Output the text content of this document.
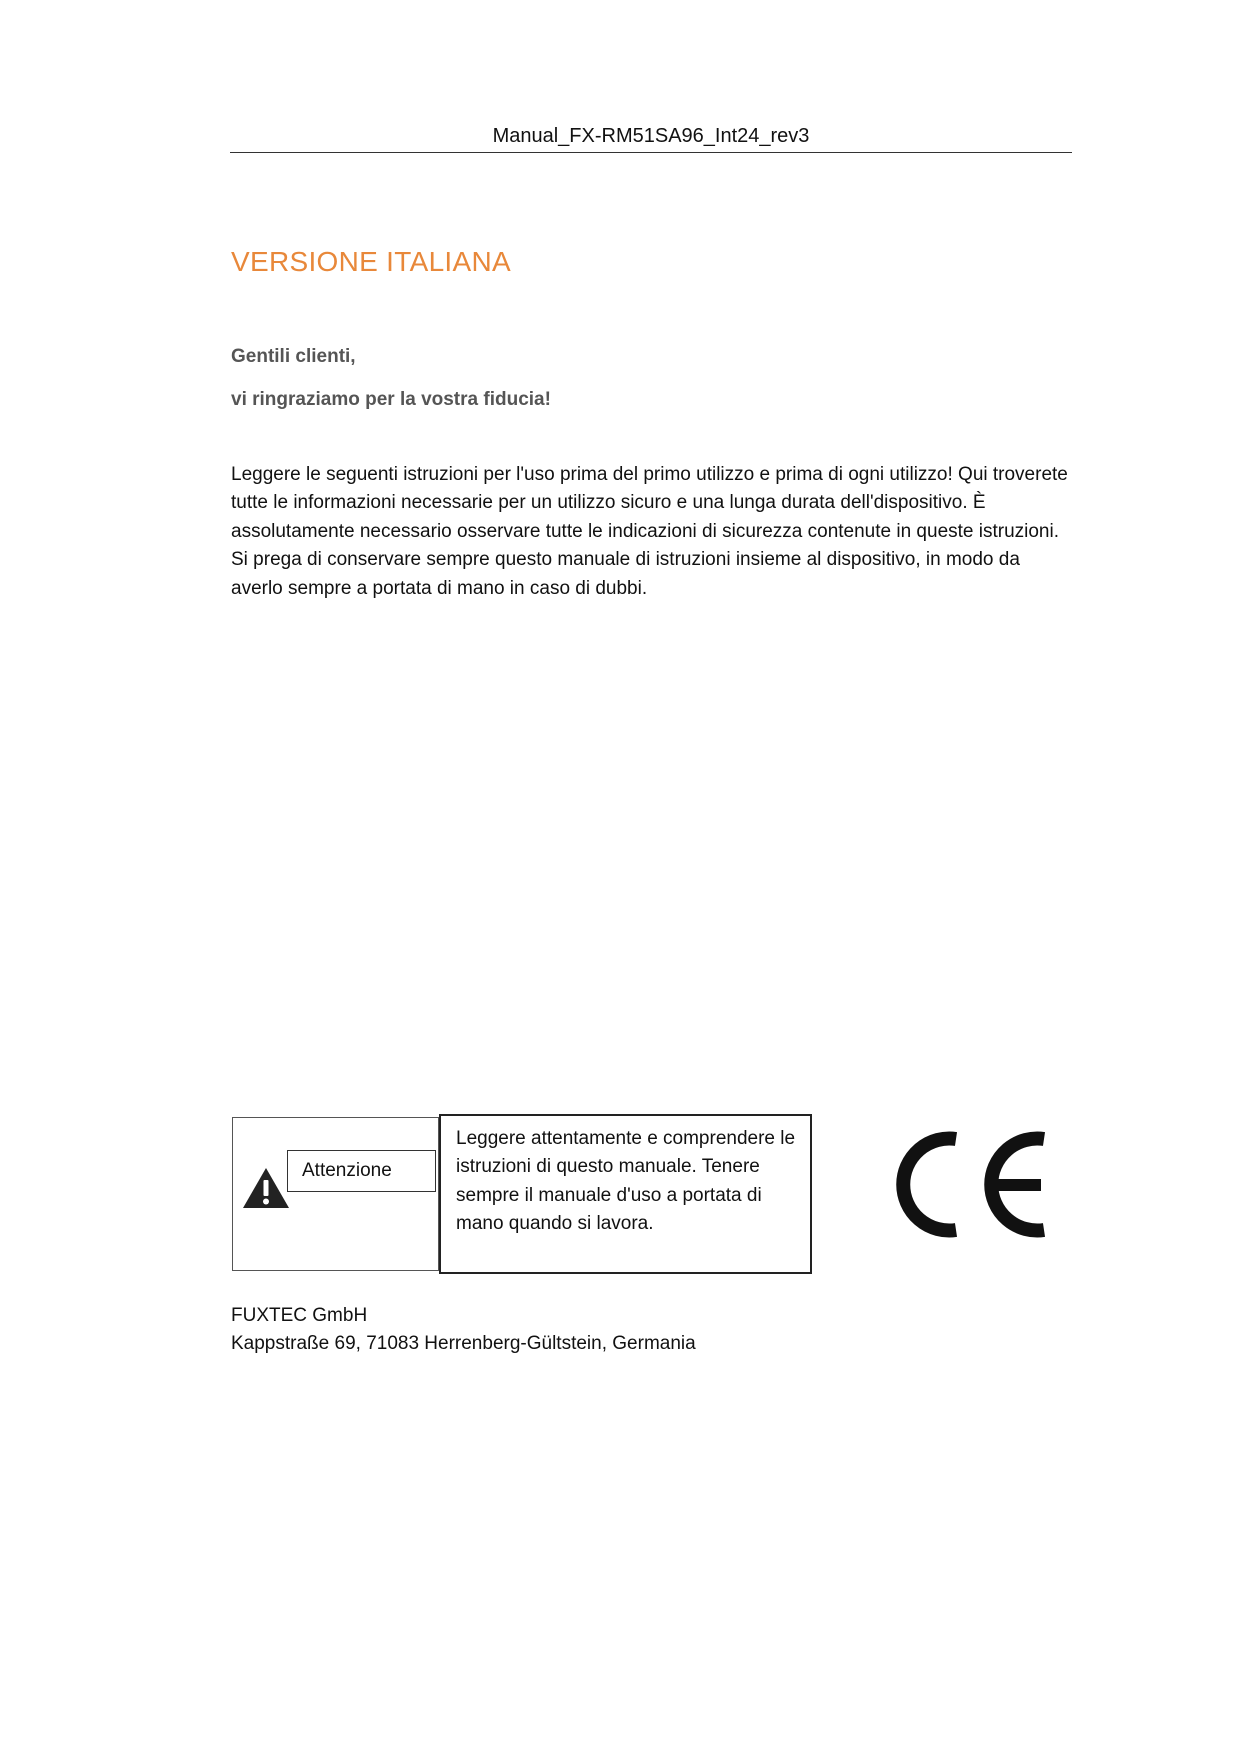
Manual_FX-RM51SA96_Int24_rev3
VERSIONE ITALIANA
Gentili clienti,
vi ringraziamo per la vostra fiducia!

Leggere le seguenti istruzioni per l'uso prima del primo utilizzo e prima di ogni utilizzo! Qui troverete tutte le informazioni necessarie per un utilizzo sicuro e una lunga durata dell'dispositivo. È assolutamente necessario osservare tutte le indicazioni di sicurezza contenute in queste istruzioni.

Si prega di conservare sempre questo manuale di istruzioni insieme al dispositivo, in modo da averlo sempre a portata di mano in caso di dubbi.

Attenzione
Leggere attentamente e comprendere le istruzioni di questo manuale. Tenere sempre il manuale d'uso a portata di mano quando si lavora.
FUXTEC GmbH
Kappstraße 69, 71083 Herrenberg-Gültstein, Germania
